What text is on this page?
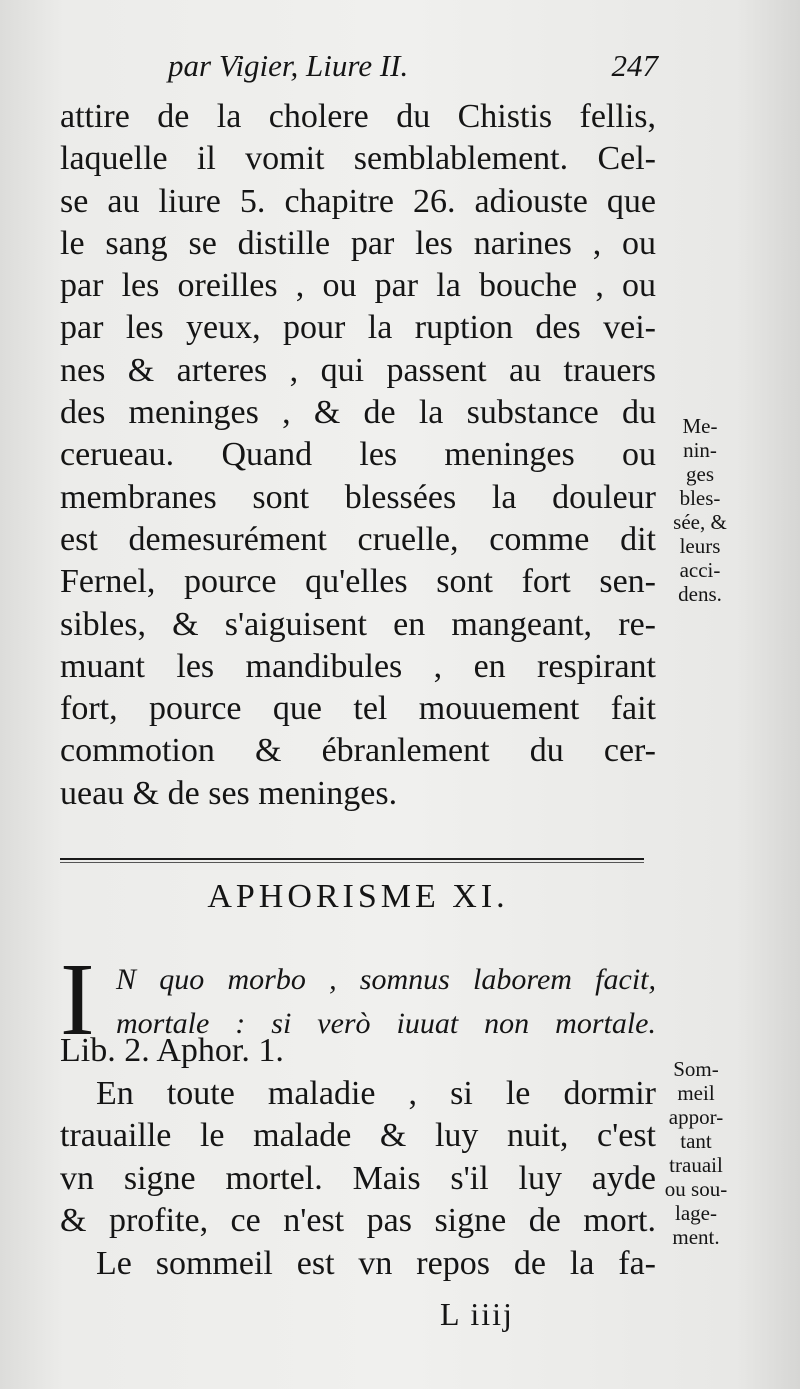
par Vigier, Liure II.	247
attire de la cholere du Chistis fellis,
laquelle il vomit semblablement. Cel-
se au liure 5. chapitre 26. adiouste que
le sang se distille par les narines , ou
par les oreilles , ou par la bouche , ou
par les yeux, pour la ruption des vei-
nes & arteres , qui passent au trauers
des meninges , & de la substance du
cerueau. Quand les meninges ou
membranes sont blessées la douleur
est demesurément cruelle, comme dit
Fernel, pource qu'elles sont fort sen-
sibles, & s'aiguisent en mangeant, re-
muant les mandibules , en respirant
fort, pource que tel mouuement fait
commotion & ébranlement du cer-
ueau & de ses meninges.
Me-
nin-
ges
bles-
sée, &
leurs
acci-
dens.
APHORISME XI.
I N quo morbo , somnus laborem facit,
mortale : si verò iuuat non mortale.
Lib. 2. Aphor. 1.
En toute maladie , si le dormir
trauaille le malade & luy nuit, c'est
vn signe mortel. Mais s'il luy ayde
& profite, ce n'est pas signe de mort.
Le sommeil est vn repos de la fa-
Som-
meil
appor-
tant
trauail
ou sou-
lage-
ment.
L iiij
